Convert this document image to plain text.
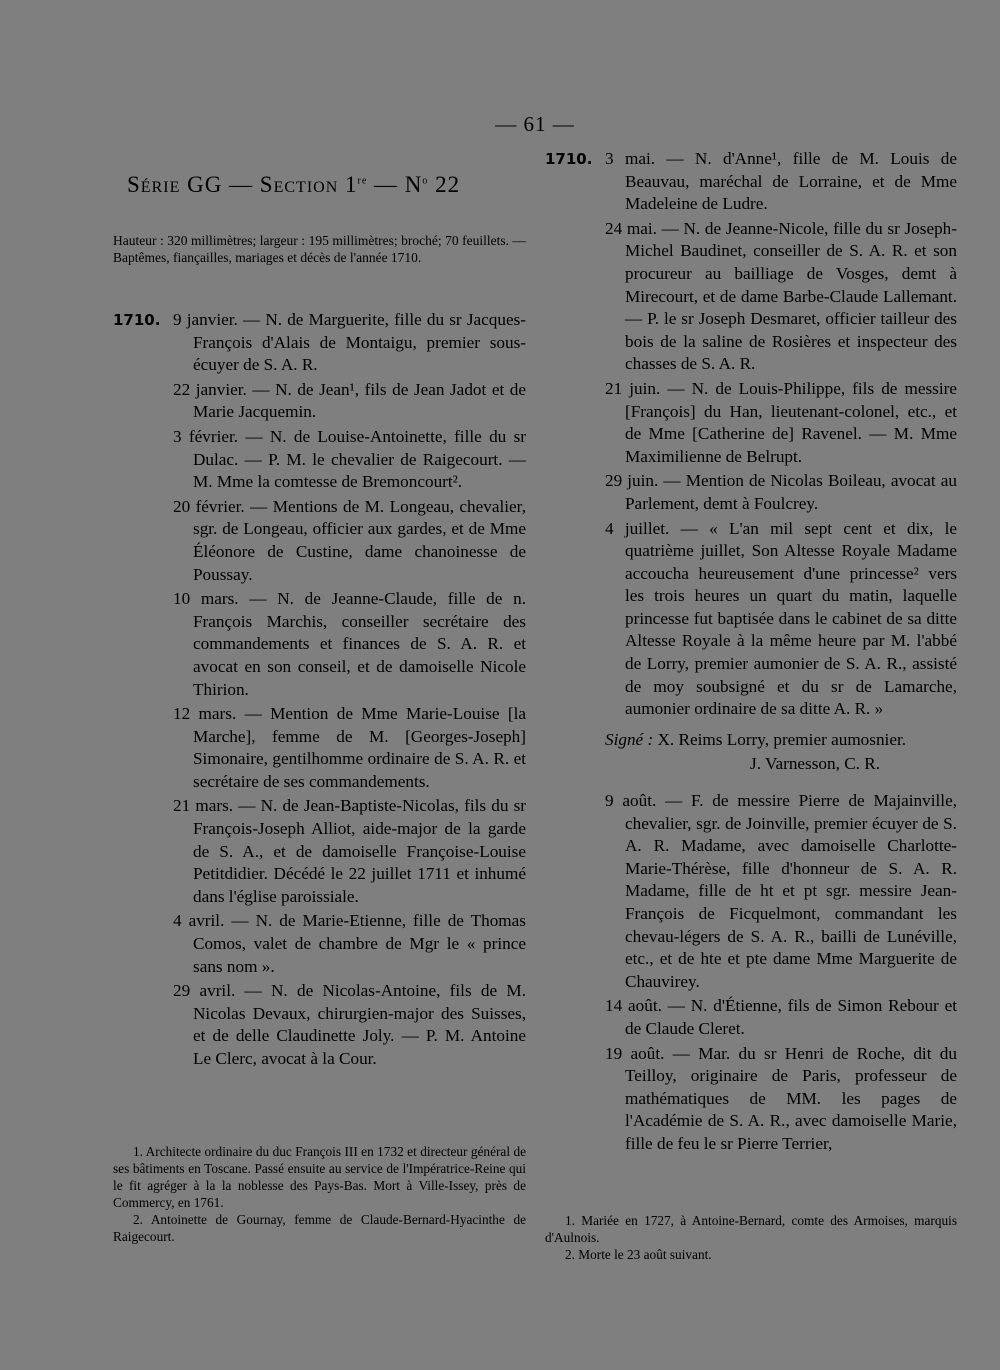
— 61 —
Série GG — Section 1re — $N^o$ 22
Hauteur : 320 millimètres; largeur : 195 millimètres; broché; 70 feuillets. — Baptêmes, fiançailles, mariages et décès de l'année 1710.

1710. 9 janvier. — N. de Marguerite, fille du sr Jacques-François d'Alais de Montaigu, premier sous-écuyer de S. A. R.

22 janvier. — N. de Jean¹, fils de Jean Jadot et de Marie Jacquemin.

3 février. — N. de Louise-Antoinette, fille du sr Dulac. — P. M. le chevalier de Raigecourt. — M. Mme la comtesse de Bremoncourt².

20 février. — Mentions de M. Longeau, chevalier, sgr. de Longeau, officier aux gardes, et de Mme Éléonore de Custine, dame chanoinesse de Poussay.

10 mars. — N. de Jeanne-Claude, fille de n. François Marchis, conseiller secrétaire des commandements et finances de S. A. R. et avocat en son conseil, et de damoiselle Nicole Thirion.

12 mars. — Mention de Mme Marie-Louise [la Marche], femme de M. [Georges-Joseph] Simonaire, gentilhomme ordinaire de S. A. R. et secrétaire de ses commandements.

21 mars. — N. de Jean-Baptiste-Nicolas, fils du sr François-Joseph Alliot, aide-major de la garde de S. A., et de damoiselle Françoise-Louise Petitdidier. Décédé le 22 juillet 1711 et inhumé dans l'église paroissiale.

4 avril. — N. de Marie-Etienne, fille de Thomas Comos, valet de chambre de Mgr le « prince sans nom ».

29 avril. — N. de Nicolas-Antoine, fils de M. Nicolas Devaux, chirurgien-major des Suisses, et de delle Claudinette Joly. — P. M. Antoine Le Clerc, avocat à la Cour.

1. Architecte ordinaire du duc François III en 1732 et directeur général de ses bâtiments en Toscane. Passé ensuite au service de l'Impératrice-Reine qui le fit agréger à la la noblesse des Pays-Bas. Mort à Ville-Issey, près de Commercy, en 1761.

2. Antoinette de Gournay, femme de Claude-Bernard-Hyacinthe de Raigecourt.

1710. 3 mai. — N. d'Anne¹, fille de M. Louis de Beauvau, maréchal de Lorraine, et de Mme Madeleine de Ludre.

24 mai. — N. de Jeanne-Nicole, fille du sr Joseph-Michel Baudinet, conseiller de S. A. R. et son procureur au bailliage de Vosges, demt à Mirecourt, et de dame Barbe-Claude Lallemant. — P. le sr Joseph Desmaret, officier tailleur des bois de la saline de Rosières et inspecteur des chasses de S. A. R.

21 juin. — N. de Louis-Philippe, fils de messire [François] du Han, lieutenant-colonel, etc., et de Mme [Catherine de] Ravenel. — M. Mme Maximilienne de Belrupt.

29 juin. — Mention de Nicolas Boileau, avocat au Parlement, demt à Foulcrey.

4 juillet. — « L'an mil sept cent et dix, le quatrième juillet, Son Altesse Royale Madame accoucha heureusement d'une princesse² vers les trois heures un quart du matin, laquelle princesse fut baptisée dans le cabinet de sa ditte Altesse Royale à la même heure par M. l'abbé de Lorry, premier aumonier de S. A. R., assisté de moy soubsigné et du sr de Lamarche, aumonier ordinaire de sa ditte A. R. »

Signé : X. Reims Lorry, premier aumosnier.

J. Varnesson, C. R.

9 août. — F. de messire Pierre de Majainville, chevalier, sgr. de Joinville, premier écuyer de S. A. R. Madame, avec damoiselle Charlotte-Marie-Thérèse, fille d'honneur de S. A. R. Madame, fille de ht et pt sgr. messire Jean-François de Ficquelmont, commandant les chevau-légers de S. A. R., bailli de Lunéville, etc., et de hte et pte dame Mme Marguerite de Chauvirey.

14 août. — N. d'Étienne, fils de Simon Rebour et de Claude Cleret.

19 août. — Mar. du sr Henri de Roche, dit du Teilloy, originaire de Paris, professeur de mathématiques de MM. les pages de l'Académie de S. A. R., avec damoiselle Marie, fille de feu le sr Pierre Terrier,

1. Mariée en 1727, à Antoine-Bernard, comte des Armoises, marquis d'Aulnois.

2. Morte le 23 août suivant.
